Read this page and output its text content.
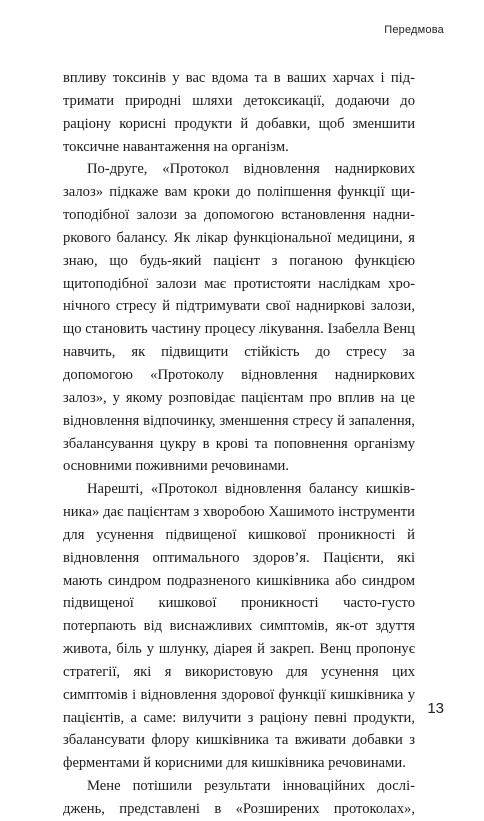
Передмова

впливу токсинів у вас вдома та в ваших харчах і підтримати природні шляхи детоксикації, додаючи до раціону корисні продукти й добавки, щоб зменшити токсичне навантаження на організм.

По-друге, «Протокол відновлення надниркових залоз» підкаже вам кроки до поліпшення функції щитоподібної залози за допомогою встановлення надниркового балансу. Як лікар функціональної медицини, я знаю, що будь-який пацієнт з поганою функцією щитоподібної залози має протистояти наслідкам хронічного стресу й підтримувати свої надниркові залози, що становить частину процесу лікування. Ізабелла Венц навчить, як підвищити стійкість до стресу за допомогою «Протоколу відновлення надниркових залоз», у якому розповідає пацієнтам про вплив на це відновлення відпочинку, зменшення стресу й запалення, збалансування цукру в крові та поповнення організму основними поживними речовинами.

Нарешті, «Протокол відновлення балансу кишківника» дає пацієнтам з хворобою Хашимото інструменти для усунення підвищеної кишкової проникності й відновлення оптимального здоров’я. Пацієнти, які мають синдром подразненого кишківника або синдром підвищеної кишкової проникності часто-густо потерпають від виснажливих симптомів, як-от здуття живота, біль у шлунку, діарея й закреп. Венц пропонує стратегії, які я використовую для усунення цих симптомів і відновлення здорової функції кишківника у пацієнтів, а саме: вилучити з раціону певні продукти, збалансувати флору кишківника та вживати добавки з ферментами й корисними для кишківника речовинами.

Мене потішили результати інноваційних досліджень, представлені в «Розширених протоколах»,

13
